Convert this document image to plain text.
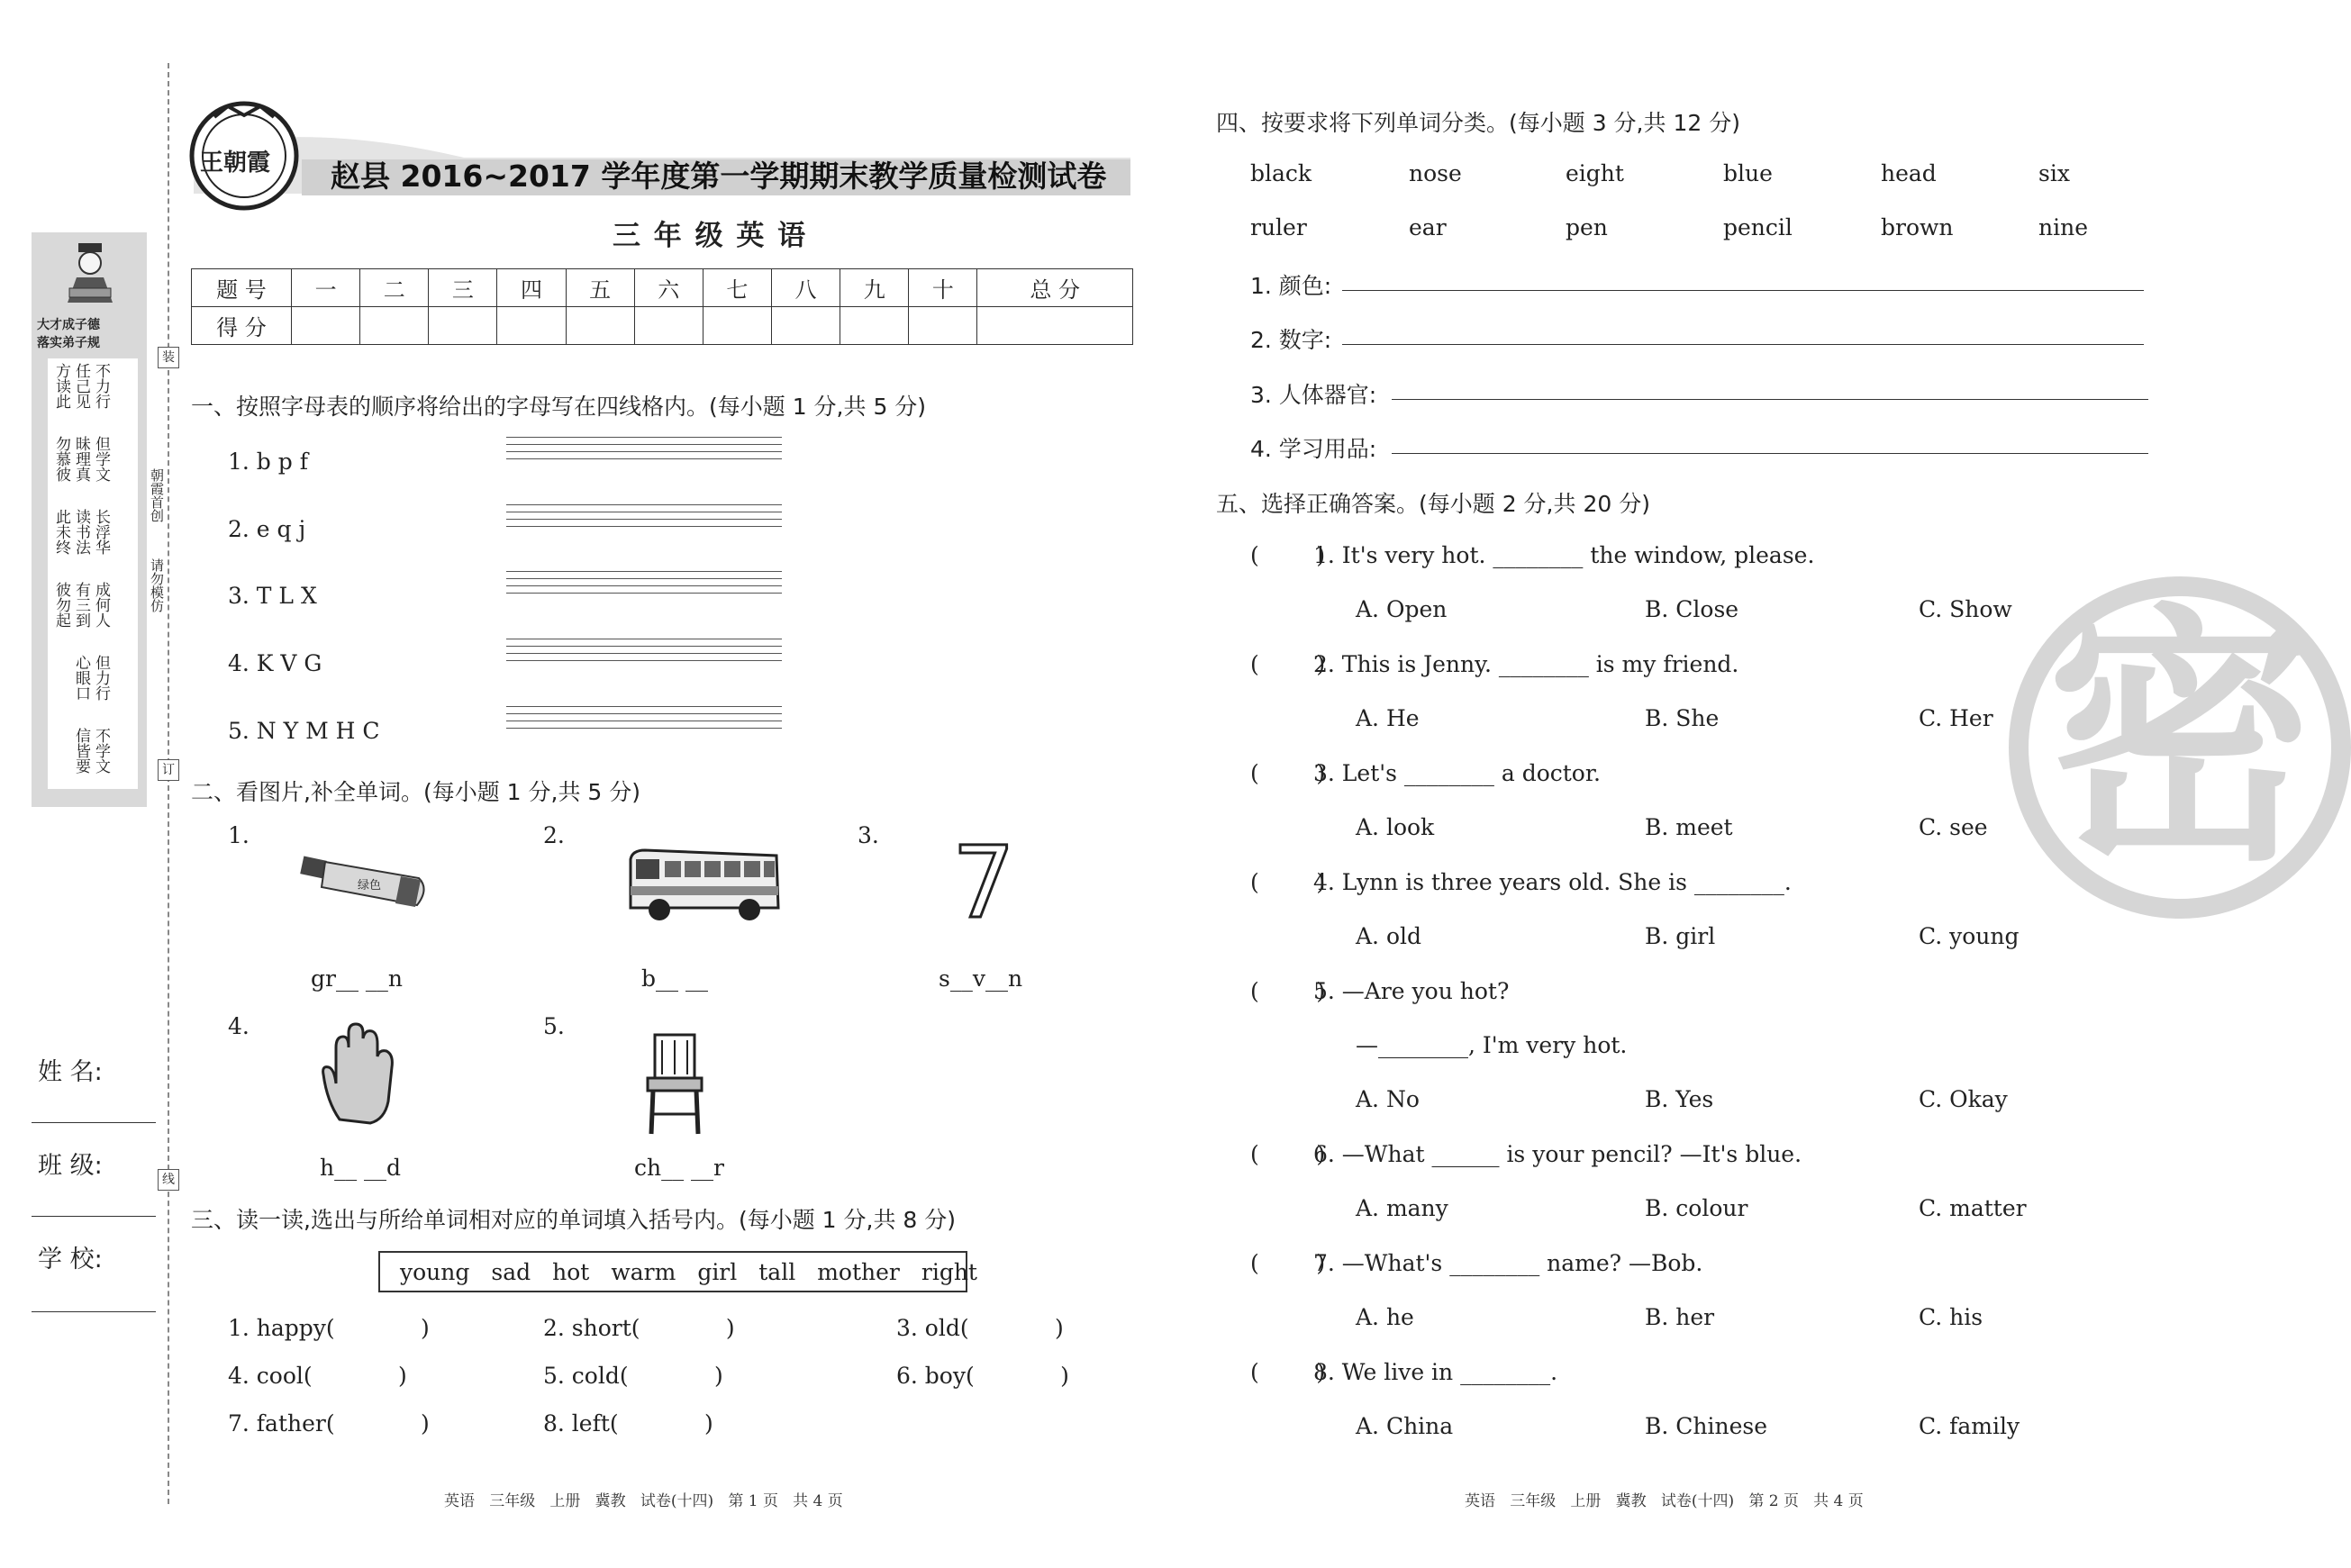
大才成子德
落实弟子规
不力行
但学文
长浮华
成何人
但力行
不学文
任己见
昧理真
读书法
有三到
心眼口
信皆要
方读此
勿慕彼
此未终
彼勿起
朝霞首创
请勿模仿
装
订
线
姓 名:
班 级:
学 校:
王朝霞 赵县 2016~2017 学年度第一学期期末教学质量检测试卷
三 年 级 英 语
题 号	一	二	三	四	五	六	七	八	九	十	总 分
得 分											
一、按照字母表的顺序将给出的字母写在四线格内。(每小题 1 分,共 5 分)
1. b p f
2. e q j
3. T L X
4. K V G
5. N Y M H C
二、看图片,补全单词。(每小题 1 分,共 5 分)
1.
绿色
gr__ __n
2.
b__ __
3. 7
s__v__n
4.
h__ __d
5.
ch__ __r
三、读一读,选出与所给单词相对应的单词填入括号内。(每小题 1 分,共 8 分)
young sad hot warm girl tall mother right
1. happy(            )	2. short(            )	3. old(            )
4. cool(            )	5. cold(            )	6. boy(            )
7. father(            )	8. left(            )
英语   三年级   上册   冀教   试卷(十四)   第 1 页   共 4 页
密
四、按要求将下列单词分类。(每小题 3 分,共 12 分)
black	nose	eight	blue	head	six
ruler	ear	pen	pencil	brown	nine
1. 颜色:
2. 数字:
3. 人体器官:
4. 学习用品:
五、选择正确答案。(每小题 2 分,共 20 分)
(        )
1. It's very hot. ________ the window, please.
A. Open	B. Close	C. Show
(        )
2. This is Jenny. ________ is my friend.
A. He	B. She	C. Her
(        )
3. Let's ________ a doctor.
A. look	B. meet	C. see
(        )
4. Lynn is three years old. She is ________.
A. old	B. girl	C. young
(        )
5. —Are you hot?
—________, I'm very hot.
A. No	B. Yes	C. Okay
(        )
6. —What ______ is your pencil? —It's blue.
A. many	B. colour	C. matter
(        )
7. —What's ________ name? —Bob.
A. he	B. her	C. his
(        )
8. We live in ________.
A. China	B. Chinese	C. family
英语   三年级   上册   冀教   试卷(十四)   第 2 页   共 4 页
